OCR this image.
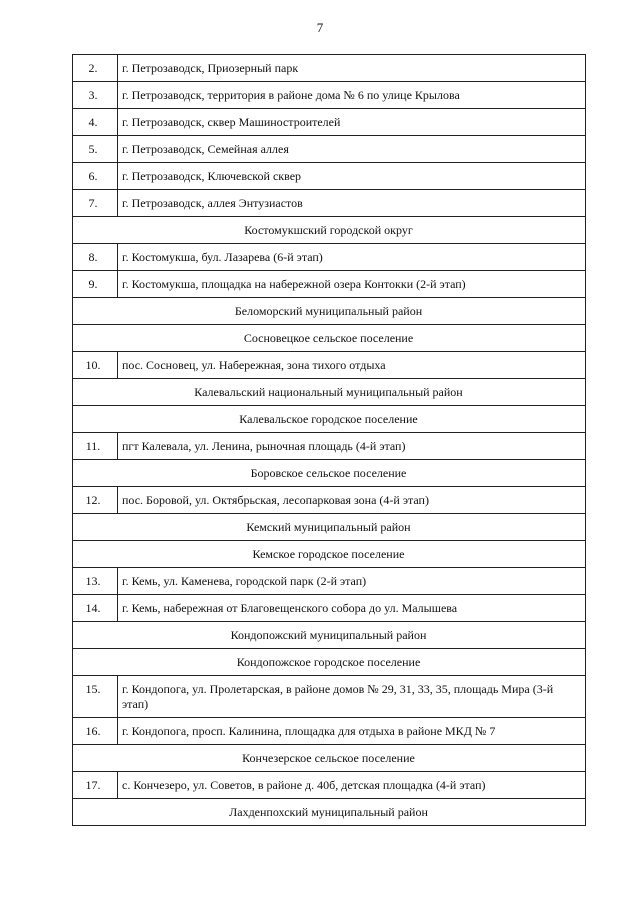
7
2.	г. Петрозаводск, Приозерный парк
3.	г. Петрозаводск, территория в районе дома № 6 по улице Крылова
4.	г. Петрозаводск, сквер Машиностроителей
5.	г. Петрозаводск, Семейная аллея
6.	г. Петрозаводск, Ключевской сквер
7.	г. Петрозаводск, аллея Энтузиастов
Костомукшский городской округ	
8.	г. Костомукша, бул. Лазарева (6-й этап)
9.	г. Костомукша, площадка на набережной озера Контокки (2-й этап)
Беломорский муниципальный район	
Сосновецкое сельское поселение	
10.	пос. Сосновец, ул. Набережная, зона тихого отдыха
Калевальский национальный муниципальный район	
Калевальское городское поселение	
11.	пгт Калевала, ул. Ленина, рыночная площадь (4-й этап)
Боровское сельское поселение	
12.	пос. Боровой, ул. Октябрьская, лесопарковая зона (4-й этап)
Кемский муниципальный район	
Кемское городское поселение	
13.	г. Кемь, ул. Каменева, городской парк (2-й этап)
14.	г. Кемь, набережная от Благовещенского собора до ул. Малышева
Кондопожский муниципальный район	
Кондопожское городское поселение	
15.	г. Кондопога, ул. Пролетарская, в районе домов № 29, 31, 33, 35, площадь Мира (3-й этап)
16.	г. Кондопога, просп. Калинина, площадка для отдыха в районе МКД № 7
Кончезерское сельское поселение	
17.	с. Кончезеро, ул. Советов, в районе д. 40б, детская площадка (4-й этап)
Лахденпохский муниципальный район	
